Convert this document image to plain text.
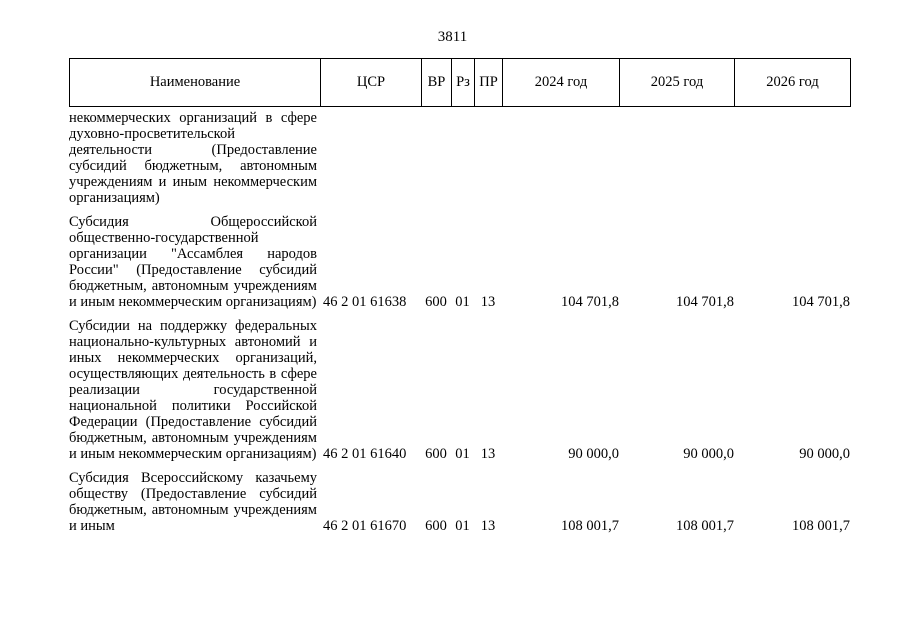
3811
Наименование	ЦСР	ВР	Рз	ПР	2024 год	2025 год	2026 год
некоммерческих организаций в сфере духовно-просветительской деятельности (Предоставление субсидий бюджетным, автономным учреждениям и иным некоммерческим организациям)							
Субсидия Общероссийской общественно-государственной организации "Ассамблея народов России" (Предоставление субсидий бюджетным, автономным учреждениям и иным некоммерческим организациям)	46 2 01 61638	600	01	13	104 701,8	104 701,8	104 701,8
Субсидии на поддержку федеральных национально-культурных автономий и иных некоммерческих организаций, осуществляющих деятельность в сфере реализации государственной национальной политики Российской Федерации (Предоставление субсидий бюджетным, автономным учреждениям и иным некоммерческим организациям)	46 2 01 61640	600	01	13	90 000,0	90 000,0	90 000,0
Субсидия Всероссийскому казачьему обществу (Предоставление субсидий бюджетным, автономным учреждениям и иным	46 2 01 61670	600	01	13	108 001,7	108 001,7	108 001,7
